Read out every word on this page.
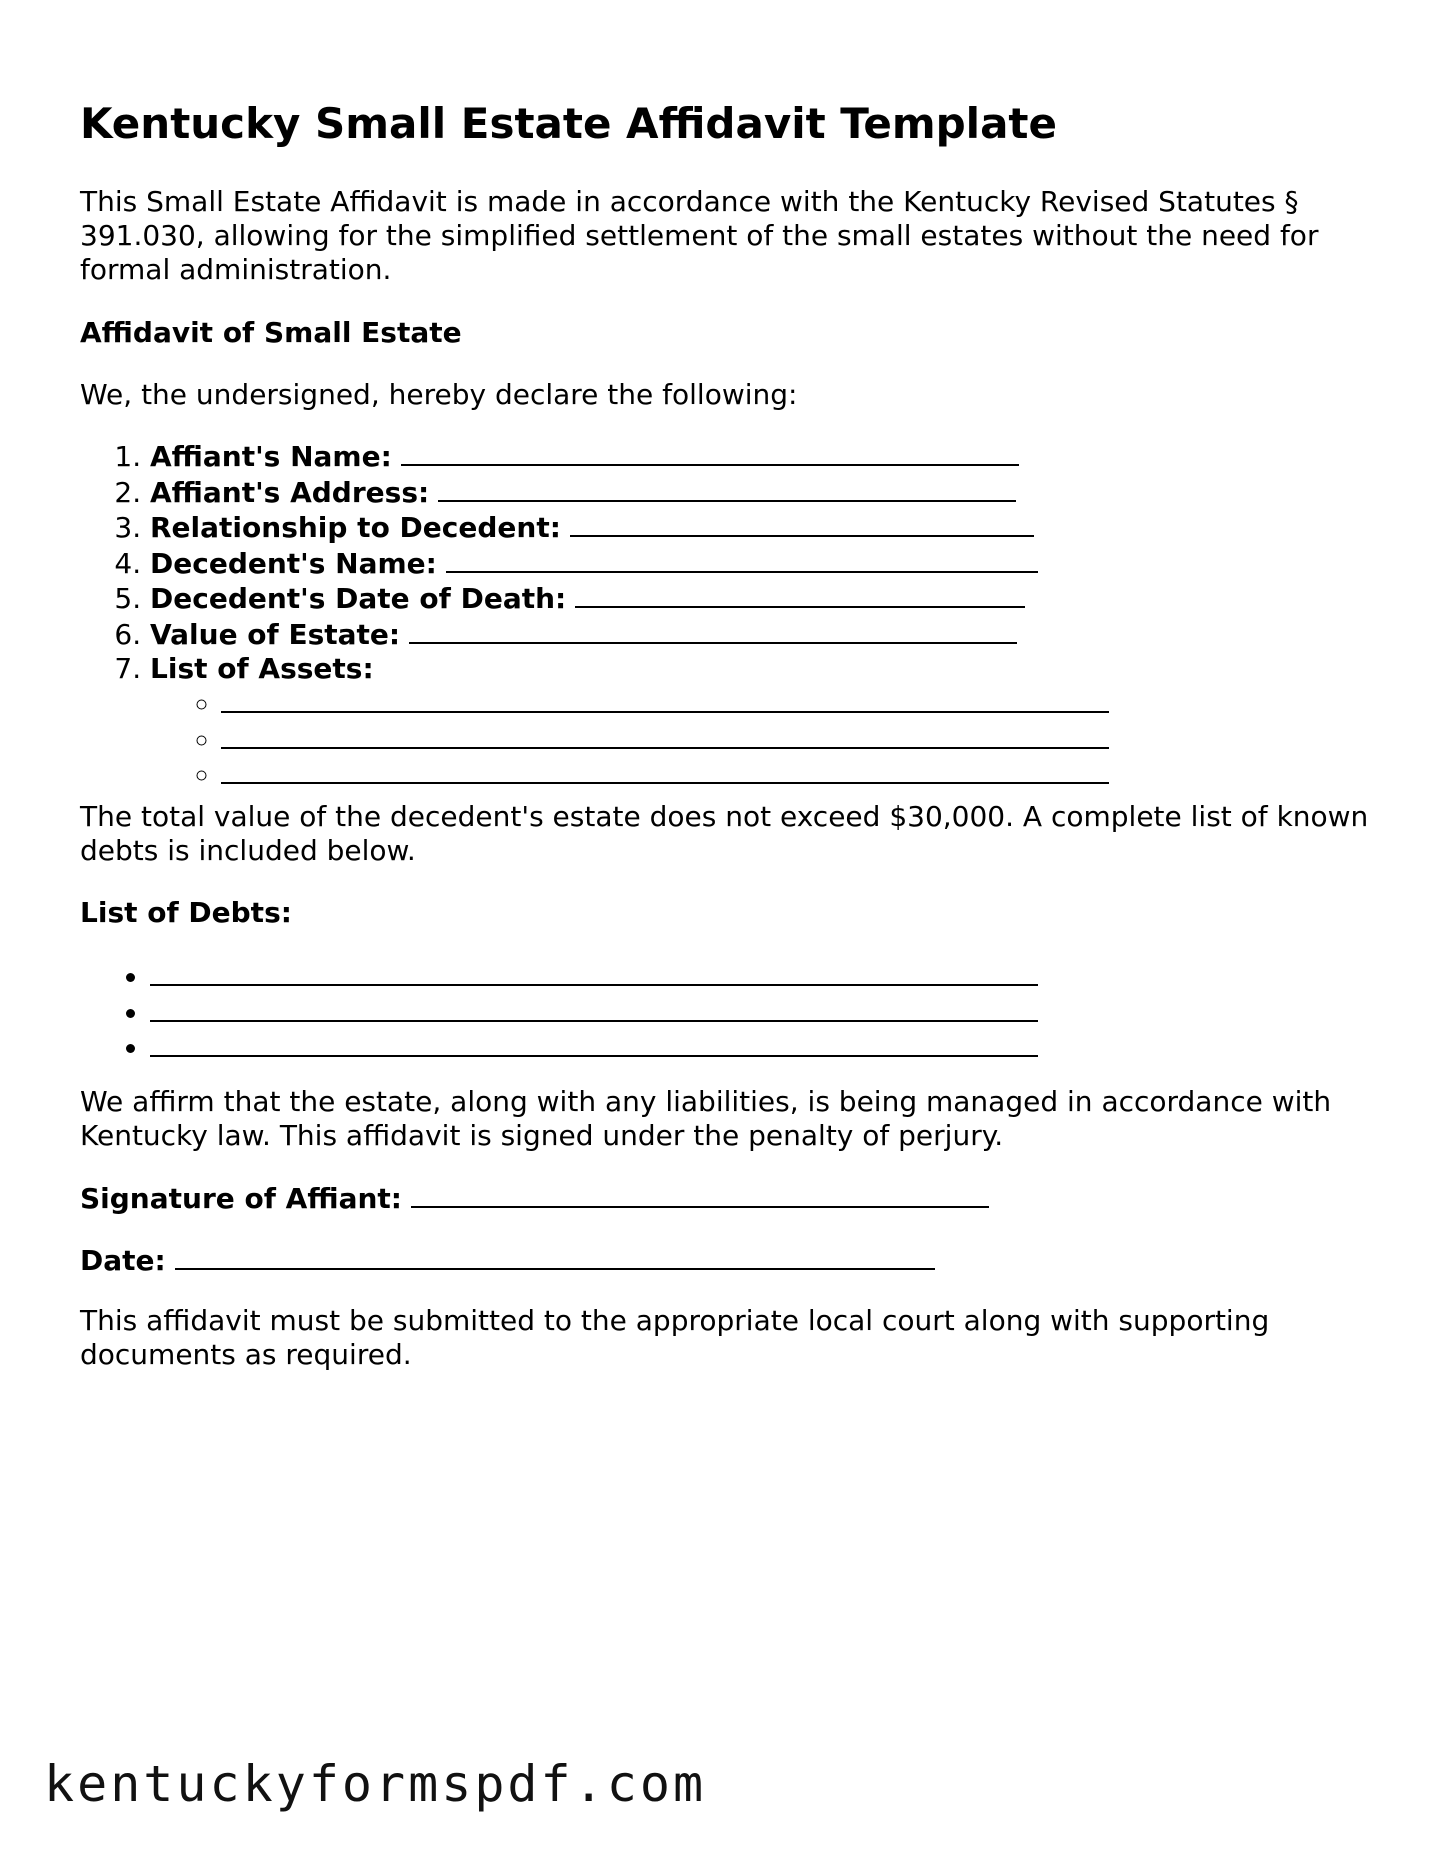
Kentucky Small Estate Affidavit Template

This Small Estate Affidavit is made in accordance with the Kentucky Revised Statutes § 391.030, allowing for the simplified settlement of the small estates without the need for formal administration.

Affidavit of Small Estate

We, the undersigned, hereby declare the following:

1. Affiant's Name:
2. Affiant's Address:
3. Relationship to Decedent:
4. Decedent's Name:
5. Decedent's Date of Death:
6. Value of Estate:
7. List of Assets:
◦
◦
◦

The total value of the decedent's estate does not exceed $30,000. A complete list of known debts is included below.

List of Debts:

•
•
•

We affirm that the estate, along with any liabilities, is being managed in accordance with Kentucky law. This affidavit is signed under the penalty of perjury.

Signature of Affiant:
Date:

This affidavit must be submitted to the appropriate local court along with supporting documents as required.

kentuckyformspdf.com
